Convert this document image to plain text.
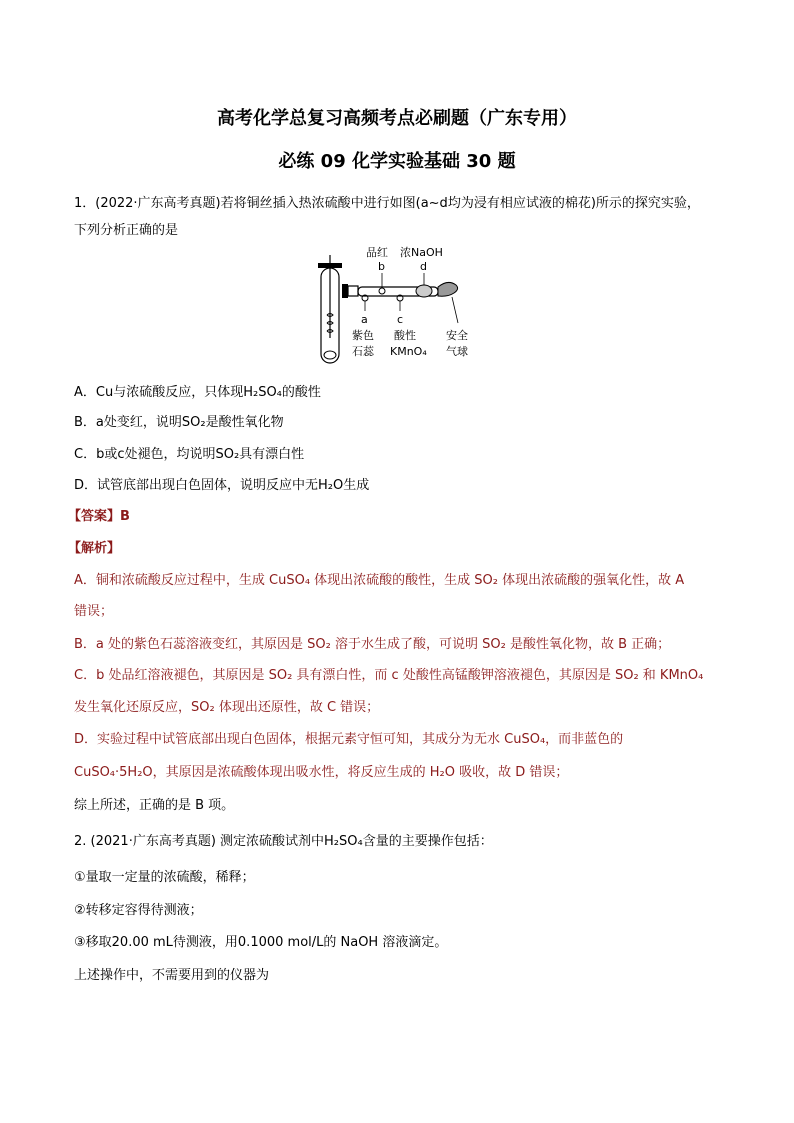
高考化学总复习高频考点必刷题（广东专用）
必练 09 化学实验基础 30 题
1．(2022·广东高考真题)若将铜丝插入热浓硫酸中进行如图(a~d均为浸有相应试液的棉花)所示的探究实验，
下列分析正确的是
品红 浓NaOH
b	d
a	c
紫色
石蕊
酸性
KMnO₄
安全
气球
A．Cu与浓硫酸反应，只体现H₂SO₄的酸性
B．a处变红，说明SO₂是酸性氧化物
C．b或c处褪色，均说明SO₂具有漂白性
D．试管底部出现白色固体，说明反应中无H₂O生成
【答案】B
【解析】
A．铜和浓硫酸反应过程中，生成 CuSO₄ 体现出浓硫酸的酸性，生成 SO₂ 体现出浓硫酸的强氧化性，故 A
错误；
B．a 处的紫色石蕊溶液变红，其原因是 SO₂ 溶于水生成了酸，可说明 SO₂ 是酸性氧化物，故 B 正确；
C．b 处品红溶液褪色，其原因是 SO₂ 具有漂白性，而 c 处酸性高锰酸钾溶液褪色，其原因是 SO₂ 和 KMnO₄
发生氧化还原反应，SO₂ 体现出还原性，故 C 错误；
D．实验过程中试管底部出现白色固体，根据元素守恒可知，其成分为无水 CuSO₄，而非蓝色的
CuSO₄·5H₂O，其原因是浓硫酸体现出吸水性，将反应生成的 H₂O 吸收，故 D 错误；
综上所述，正确的是 B 项。
2. (2021·广东高考真题) 测定浓硫酸试剂中H₂SO₄含量的主要操作包括：
①量取一定量的浓硫酸，稀释；
②转移定容得待测液；
③移取20.00 mL待测液，用0.1000 mol/L的 NaOH 溶液滴定。
上述操作中，不需要用到的仪器为
